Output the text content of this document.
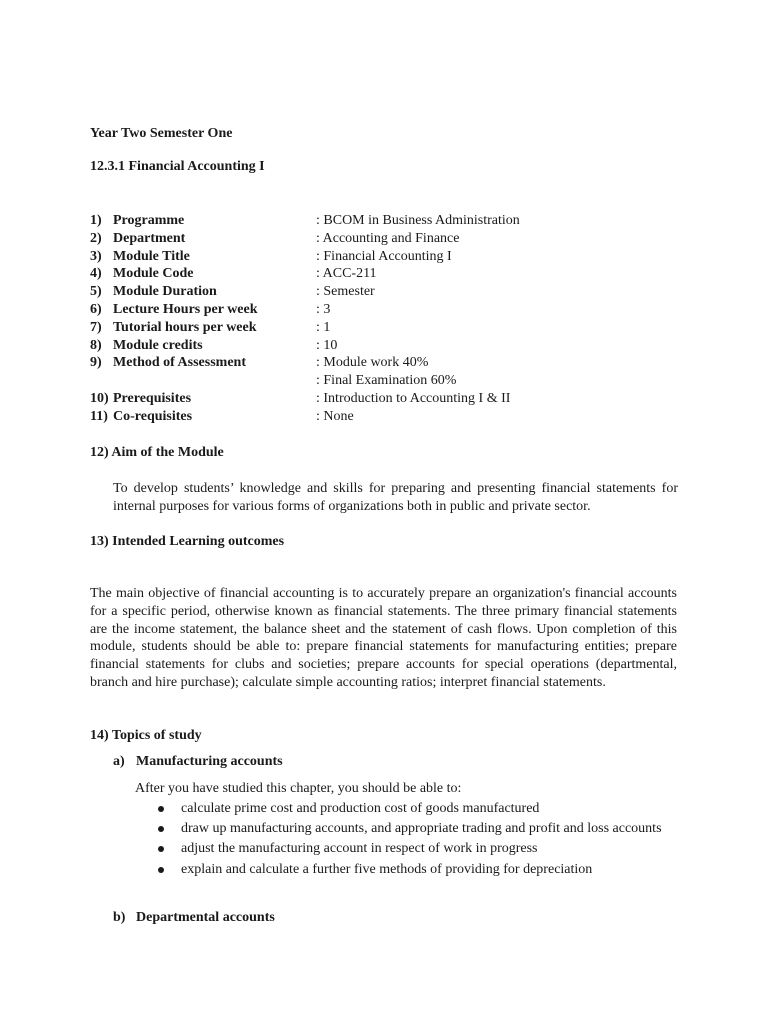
Year Two Semester One
12.3.1 Financial Accounting I
1) Programme	: BCOM in Business Administration
2) Department	: Accounting and Finance
3) Module Title	: Financial Accounting I
4) Module Code	: ACC-211
5) Module Duration	: Semester
6) Lecture Hours per week	: 3
7) Tutorial hours per week	: 1
8) Module credits	: 10
9) Method of Assessment	: Module work 40%
: Final Examination 60%
10) Prerequisites	: Introduction to Accounting I & II
11) Co-requisites	: None
12) Aim of the Module

To develop students’ knowledge and skills for preparing and presenting financial statements for internal purposes for various forms of organizations both in public and private sector.

13) Intended Learning outcomes

The main objective of financial accounting is to accurately prepare an organization's financial accounts for a specific period, otherwise known as financial statements. The three primary financial statements are the income statement, the balance sheet and the statement of cash flows. Upon completion of this module, students should be able to: prepare financial statements for manufacturing entities; prepare financial statements for clubs and societies; prepare accounts for special operations (departmental, branch and hire purchase); calculate simple accounting ratios; interpret financial statements.

14) Topics of study
a) Manufacturing accounts
After you have studied this chapter, you should be able to:
calculate prime cost and production cost of goods manufactured
draw up manufacturing accounts, and appropriate trading and profit and loss accounts
adjust the manufacturing account in respect of work in progress
explain and calculate a further five methods of providing for depreciation
b) Departmental accounts
